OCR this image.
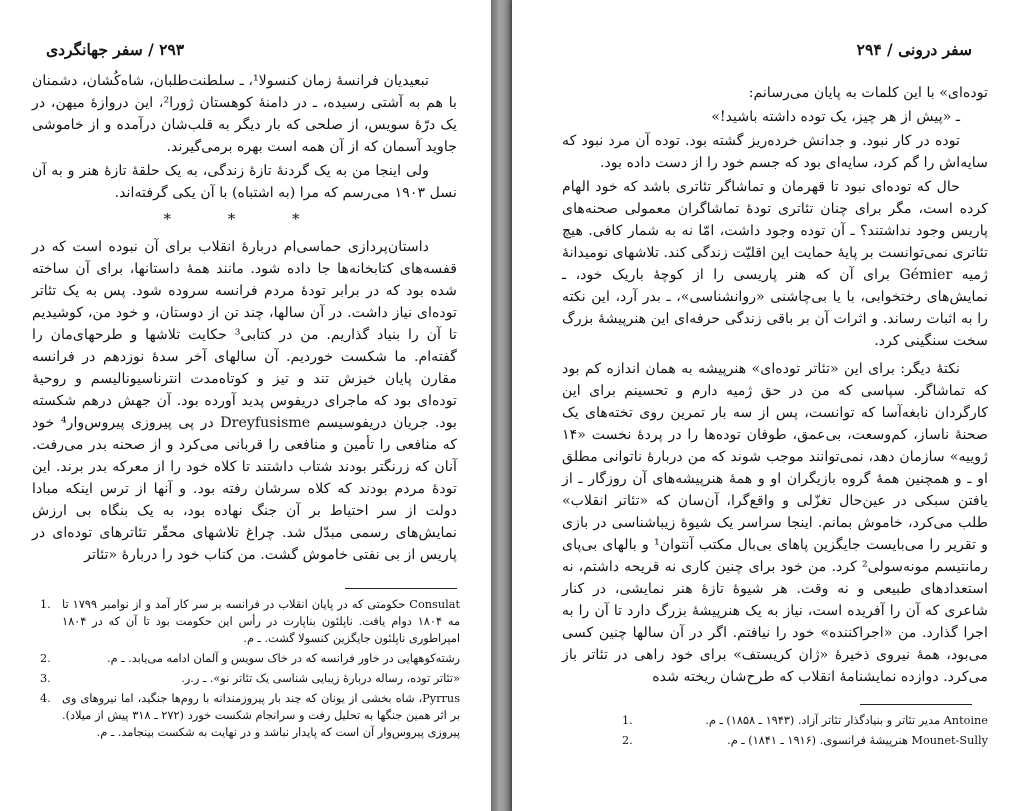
۲۹۳ / سفر جهانگردی

تبعیدیان فرانسهٔ زمان کنسولا¹، ـ سلطنت‌طلبان، شاه‌کُشان، دشمنان با هم به آشتی رسیده، ـ در دامنهٔ کوهستان ژورا²، این دروازهٔ میهن، در یک درّهٔ سویس، از صلحی که بار دیگر به قلب‌شان درآمده و از خاموشی جاوید آسمان که از آن همه است بهره برمی‌گیرند.

ولی اینجا من به یک گردنهٔ تازهٔ زندگی، به یک حلقهٔ تازهٔ هنر و به آن نسل ۱۹۰۳ می‌رسم که مرا (به اشتباه) با آن یکی گرفته‌اند.

* * *

داستان‌پردازی حماسی‌ام دربارهٔ انقلاب برای آن نبوده است که در قفسه‌های کتابخانه‌ها جا داده شود. مانند همهٔ داستانها، برای آن ساخته شده بود که در برابر تودهٔ مردم فرانسه سروده شود. پس به یک تئاتر توده‌ای نیاز داشت. در آن سالها، چند تن از دوستان، و خود من، کوشیدیم تا آن را بنیاد گذاریم. من در کتابی³ حکایت تلاشها و طرحهای‌مان را گفته‌ام. ما شکست خوردیم. آن سالهای آخر سدهٔ نوزدهم در فرانسه مقارن پایان خیزش تند و تیز و کوتاه‌مدت انترناسیونالیسم و روحیهٔ توده‌ای بود که ماجرای دریفوس پدید آورده بود. آن جهش درهم شکسته بود. جریان دریفوسیسم Dreyfusisme در پی پیروزی پیروس‌وار⁴ خود که منافعی را تأمین و منافعی را قربانی می‌کرد و از صحنه بدر می‌رفت. آنان که زرنگتر بودند شتاب داشتند تا کلاه خود را از معرکه بدر برند. این تودهٔ مردم بودند که کلاه سرشان رفته بود. و آنها از ترس اینکه مبادا دولت از سر احتیاط بر آن جنگ نهاده بود، به یک بنگاه بی ارزش نمایش‌های رسمی مبدّل شد. چراغ تلاشهای محقّر تئاترهای توده‌ای در پاریس از بی نفتی خاموش گشت. من کتاب خود را دربارهٔ «تئاتر

Consulat حکومتی که در پایان انقلاب در فرانسه بر سر کار آمد و از نوامبر ۱۷۹۹ تا مه ۱۸۰۴ دوام یافت. ناپلئون بناپارت در رأس این حکومت بود تا آن که در ۱۸۰۴ امپراطوری ناپلئون جایگزین کنسولا گشت. ـ م.
1.
رشته‌کوههایی در خاور فرانسه که در خاک سویس و آلمان ادامه می‌یابد. ـ م.
2.
«تئاتر توده، رساله دربارهٔ زیبایی شناسی یک تئاتر نو». ـ ر.ر.
3.
Pyrrus، شاه بخشی از یونان که چند بار پیروزمندانه با روم‌ها جنگید، اما نیروهای وی بر اثر همین جنگها به تحلیل رفت و سرانجام شکست خورد (۲۷۲ ـ ۳۱۸ پیش از میلاد). پیروزی پیروس‌وار آن است که پایدار نباشد و در نهایت به شکست بینجامد. ـ م.
4.
سفر درونی / ۲۹۴

توده‌ای» با این کلمات به پایان می‌رسانم:

ـ «پیش از هر چیز، یک توده داشته باشید!»

توده در کار نبود. و جدانش خرده‌ریز گشته بود. توده آن مرد نبود که سایه‌اش را گم کرد، سایه‌ای بود که جسم خود را از دست داده بود.

حال که توده‌ای نبود تا قهرمان و تماشاگر تئاتری باشد که خود الهام کرده است، مگر برای چنان تئاتری تودهٔ تماشاگران معمولی صحنه‌های پاریس وجود نداشتند؟ ـ آن توده وجود داشت، امّا نه به شمار کافی. هیچ تئاتری نمی‌توانست بر پایهٔ حمایت این اقلیّت زندگی کند. تلاشهای نومیدانهٔ ژمیه Gémier برای آن که هنر پاریسی را از کوچهٔ باریک خود، ـ نمایش‌های رختخوابی، با یا بی‌چاشنی «روانشناسی»، ـ بدر آرد، این نکته را به اثبات رساند. و اثرات آن بر باقی زندگی حرفه‌ای این هنرپیشهٔ بزرگ سخت سنگینی کرد.

نکتهٔ دیگر: برای این «تئاتر توده‌ای» هنرپیشه به همان اندازه کم بود که تماشاگر. سپاسی که من در حق ژمیه دارم و تحسینم برای این کارگردان نابغه‌آسا که توانست، پس از سه بار تمرین روی تخته‌های یک صحنهٔ ناساز، کم‌وسعت، بی‌عمق، طوفان توده‌ها را در پردهٔ نخست «۱۴ ژوییه» سازمان دهد، نمی‌توانند موجب شوند که من دربارهٔ ناتوانی مطلق او ـ و همچنین همهٔ گروه بازیگران او و همهٔ هنرپیشه‌های آن روزگار ـ از یافتن سبکی در عین‌حال تغزّلی و واقع‌گرا، آن‌سان که «تئاتر انقلاب» طلب می‌کرد، خاموش بمانم. اینجا سراسر یک شیوهٔ زیباشناسی در بازی و تقریر را می‌بایست جایگزین پاهای بی‌بال مکتب آنتوان¹ و بالهای بی‌پای رمانتیسم مونه‌سولی² کرد. من خود برای چنین کاری نه قریحه داشتم، نه استعدادهای طبیعی و نه وقت. هر شیوهٔ تازهٔ هنر نمایشی، در کنار شاعری که آن را آفریده است، نیاز به یک هنرپیشهٔ بزرگ دارد تا آن را به اجرا گذارد. من «اجراکننده» خود را نیافتم. اگر در آن سالها چنین کسی می‌بود، همهٔ نیروی ذخیرهٔ «ژان کریستف» برای خود راهی در تئاتر باز می‌کرد. دوازده نمایشنامهٔ انقلاب که طرح‌شان ریخته شده

Antoine مدیر تئاتر و بنیادگذار تئاتر آزاد. (۱۹۴۳ ـ ۱۸۵۸) ـ م.
1.
Mounet-Sully هنرپیشهٔ فرانسوی. (۱۹۱۶ ـ ۱۸۴۱) ـ م.
2.
